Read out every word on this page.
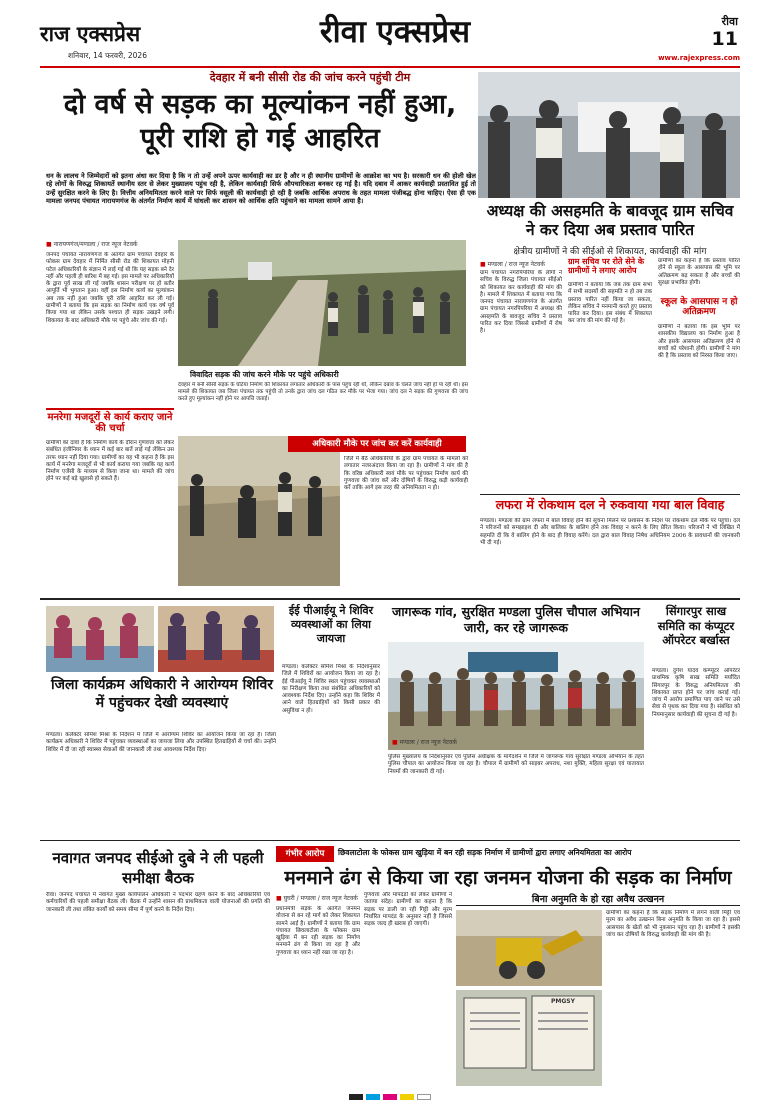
राज एक्सप्रेस
शनिवार, 14 फरवरी, 2026
रीवा एक्सप्रेस	रीवा
11
www.rajexpress.com
देवहार में बनी सीसी रोड की जांच करने पहुंची टीम
दो वर्ष से सड़क का मूल्यांकन नहीं हुआ, पूरी राशि हो गई आहरित
धन के लालच ने जिम्मेदारों को इतना अंधा कर दिया है कि न तो उन्हें अपने ऊपर कार्यवाही का डर है और न ही स्थानीय ग्रामीणों के आक्रोश का भय है। सरकारी धन की होली खेल रहे लोगों के विरुद्ध शिकायतें स्थानीय स्तर से लेकर मुख्यालय पहुंच रही है, लेकिन कार्यवाही सिर्फ औपचारिकता बनकर रह गई है। यदि दबाव में आकर कार्यवाही प्रस्तावित हुई तो उन्हें सुरक्षित करने के लिए है। वित्तीय अनियमितता करने वाले पर सिर्फ वसूली की कार्यवाही हो रही है जबकि आर्थिक अपराध के तहत मामला पंजीबद्ध होना चाहिए। ऐसा ही एक मामला जनपद पंचायत नारायणगंज के अंतर्गत निर्माण कार्य में घांधली कर शासन को आर्थिक क्षति पहुंचाने का मामला सामने आया है।
■ नारायणगंज/मण्डला / राज न्यूज नेटवर्क
जनपद पंचायत नारायणगंज के अंतर्गत ग्राम पंचायत देवहार के फोकस ग्राम देवहार में निर्मित सीसी रोड की शिकायत मोहनी पटेल अधिकारियों के संज्ञान में लाई गई थी कि यह सड़क बने देर नहीं और पहली ही बारिश में बह गई। इस मामले पर अधिकारियों के द्वारा पूर्व साख ली गई जबकि शासन परीक्षण पर हो बतौर आपूर्ति भी भुगतान हुआ। वहीं इस निर्माण कार्य का मूल्यांकन अब तक नहीं हुआ जबकि पूरी राशि आहरित कर ली गई। ग्रामीणों ने बताया कि इस सड़क का निर्माण कार्य एक वर्ष पूर्व किया गया था लेकिन उसके पश्चात ही सड़क उखड़ने लगी। शिकायत के बाद अधिकारी मौके पर पहुंचे और जांच की गई।
विवादित सड़क की जांच करने मौके पर पहुंचे अधिकारी
देवहार में बनी सीसी सड़क के घटिया निर्माण की शिकायत लगातार अधिकारी के पास पहुंच रही थी, लेकिन दबाव के चलते जांच नहीं हो पा रही थी। इस मामले की शिकायत जब जिला पंचायत तक पहुंची तो उनके द्वारा जांच दल गठित कर मौके पर भेजा गया। जांच दल ने सड़क की गुणवत्ता की जांच करते हुए मूल्यांकन नहीं होने पर आपत्ति जताई।
मनरेगा मजदूरों से कार्य कराए जाने की चर्चा
ग्रामीणों का दावा है कि निर्माण कार्य के दौरान गुणवत्ता को लेकर संबंधित इंजीनियर के ध्यान में कई बार बातें लाई गई लेकिन उस तरफ ध्यान नहीं दिया गया। ग्रामीणों का यह भी कहना है कि इस कार्य में मनरेगा मजदूरों से भी कार्य कराया गया जबकि यह कार्य निर्माण एजेंसी के माध्यम से किया जाना था। मामले की जांच होने पर कई बड़े खुलासे हो सकते हैं।
अधिकारी मौके पर जांच कर करें कार्यवाही
जिले में बैठे अधिकारियों के द्वारा ग्राम पंचायत के मामलों को लगातार नजरअंदाज किया जा रहा है। ग्रामीणों ने मांग की है कि वरिष्ठ अधिकारी स्वयं मौके पर पहुंचकर निर्माण कार्य की गुणवत्ता की जांच करें और दोषियों के विरुद्ध कड़ी कार्यवाही करें ताकि आगे इस तरह की अनियमितता न हो।
अध्यक्ष की असहमति के बावजूद ग्राम सचिव ने कर दिया अब प्रस्ताव पारित
क्षेत्रीय ग्रामीणों ने की सीईओ से शिकायत, कार्यवाही की मांग
■ मण्डला / राज न्यूज नेटवर्क
ग्राम पंचायत नगरपिपरिया के लोगों ने सचिव के विरुद्ध जिला पंचायत सीईओ को शिकायत कर कार्यवाही की मांग की है। मामले में शिकायत में बताया गया कि जनपद पंचायत नारायणगंज के अंतर्गत ग्राम पंचायत नगरपिपरिया में अध्यक्ष की असहमति के बावजूद सचिव ने प्रस्ताव पारित कर दिया जिससे ग्रामीणों में रोष है।
ग्राम सचिव पर रोते सेने के ग्रामीणों ने लगाए आरोप
ग्रामीणों ने बताया कि जब तक ग्राम सभा में सभी सदस्यों की सहमति न हो तब तक प्रस्ताव पारित नहीं किया जा सकता, लेकिन सचिव ने मनमानी करते हुए प्रस्ताव पारित कर दिया। इस संबंध में शिकायत कर जांच की मांग की गई है।
ग्रामीणों का कहना है कि प्रस्ताव पारित होने से स्कूल के आसपास की भूमि पर अतिक्रमण बढ़ सकता है और बच्चों की सुरक्षा प्रभावित होगी।
स्कूल के आसपास न हो अतिक्रमण
ग्रामीणों ने बताया कि इस भूमि पर शासकीय विद्यालय का निर्माण हुआ है और इसके आसपास अतिक्रमण होने से बच्चों को परेशानी होगी। ग्रामीणों ने मांग की है कि प्रस्ताव को निरस्त किया जाए।
लफरा में रोकथाम दल ने रुकवाया गया बाल विवाह
मण्डला। मण्डला की ग्राम लफरा में बाल विवाह होने की सूचना मिलने पर प्रशासन के निर्देश पर रोकथाम दल मौके पर पहुंचा। दल ने परिजनों को समझाइश दी और बालिका के बालिग होने तक विवाह न करने के लिए प्रेरित किया। परिजनों ने भी लिखित में सहमति दी कि वे बालिग होने के बाद ही विवाह करेंगे। दल द्वारा बाल विवाह निषेध अधिनियम 2006 के प्रावधानों की जानकारी भी दी गई।
जिला कार्यक्रम अधिकारी ने आरोग्यम शिविर में पहुंचकर देखी व्यवस्थाएं
मण्डला। कलेक्टर सोमेश मिश्रा के निर्देशन में जिले में आरोग्यम शिविर का आयोजन किया जा रहा है। जिला कार्यक्रम अधिकारी ने शिविर में पहुंचकर व्यवस्थाओं का जायजा लिया और उपस्थित हितग्राहियों से चर्चा की। उन्होंने शिविर में दी जा रही स्वास्थ्य सेवाओं की जानकारी ली तथा आवश्यक निर्देश दिए।
ईई पीआईयू ने शिविर व्यवस्थाओं का लिया जायजा
मण्डला। कलेक्टर सोमेश मिश्रा के निर्देशानुसार जिले में शिविरों का आयोजन किया जा रहा है। ईई पीआईयू ने शिविर स्थल पहुंचकर व्यवस्थाओं का निरीक्षण किया तथा संबंधित अधिकारियों को आवश्यक निर्देश दिए। उन्होंने कहा कि शिविर में आने वाले हितग्राहियों को किसी प्रकार की असुविधा न हो।
जागरूक गांव, सुरक्षित मण्डला पुलिस चौपाल अभियान जारी, कर रहे जागरूक
■ मण्डला / राज न्यूज नेटवर्क
पुलिस मुख्यालय के निर्देशानुसार एवं पुलिस अधीक्षक के मार्गदर्शन में जिले में जागरूक गांव सुरक्षित मण्डला अभियान के तहत पुलिस चौपाल का आयोजन किया जा रहा है। चौपाल में ग्रामीणों को साइबर अपराध, नशा मुक्ति, महिला सुरक्षा एवं यातायात नियमों की जानकारी दी गई।
सिंगारपुर साख समिति का कंप्यूटर ऑपरेटर बर्खास्त
मण्डला। दुर्गेश यादव कम्प्यूटर ऑपरेटर प्राथमिक कृषि साख समिति मर्यादित सिंगारपुर के विरुद्ध अनियमितता की शिकायत प्राप्त होने पर जांच कराई गई। जांच में आरोप प्रमाणित पाए जाने पर उसे सेवा से पृथक कर दिया गया है। संबंधित को नियमानुसार कार्यवाही की सूचना दी गई है।
नवागत जनपद सीईओ दुबे ने ली पहली समीक्षा बैठक
रीवा। जनपद पंचायत में नवागत मुख्य कार्यपालन अधिकारी ने पदभार ग्रहण करने के बाद अधिकारियों एवं कर्मचारियों की पहली समीक्षा बैठक ली। बैठक में उन्होंने शासन की प्राथमिकता वाली योजनाओं की प्रगति की जानकारी ली तथा लंबित कार्यों को समय सीमा में पूर्ण करने के निर्देश दिए।
गंभीर आरोप	छिवलाटोला के फोकस ग्राम खुड़िया में बन रही सड़क निर्माण में ग्रामीणों द्वारा लगाए अनियमितता का आरोप
मनमाने ढंग से किया जा रहा जनमन योजना की सड़क का निर्माण
■ घुघरी / मण्डला / राज न्यूज नेटवर्क
प्रधानमंत्री सड़क के अंतर्गत जनमन योजना से बन रहे मार्ग को लेकर शिकायत सामने आई है। ग्रामीणों ने बताया कि ग्राम पंचायत छिवलाटोला के फोकस ग्राम खुड़िया में बन रही सड़क का निर्माण मनमाने ढंग से किया जा रहा है और गुणवत्ता का ध्यान नहीं रखा जा रहा है।
गुणवत्ता और मापदंडों को लेकर ग्रामीणों ने जताया संदेह। ग्रामीणों का कहना है कि सड़क पर डाली जा रही गिट्टी और मुरम निर्धारित मापदंड के अनुसार नहीं है जिससे सड़क जल्द ही खराब हो जाएगी।
बिना अनुमति के हो रहा अवैध उत्खनन
ग्रामीणों का कहना है कि सड़क निर्माण में लगने वाली मिट्टी एवं मुरम का अवैध उत्खनन बिना अनुमति के किया जा रहा है। इससे आसपास के खेतों को भी नुकसान पहुंच रहा है। ग्रामीणों ने इसकी जांच कर दोषियों के विरुद्ध कार्यवाही की मांग की है।
PMGSY
